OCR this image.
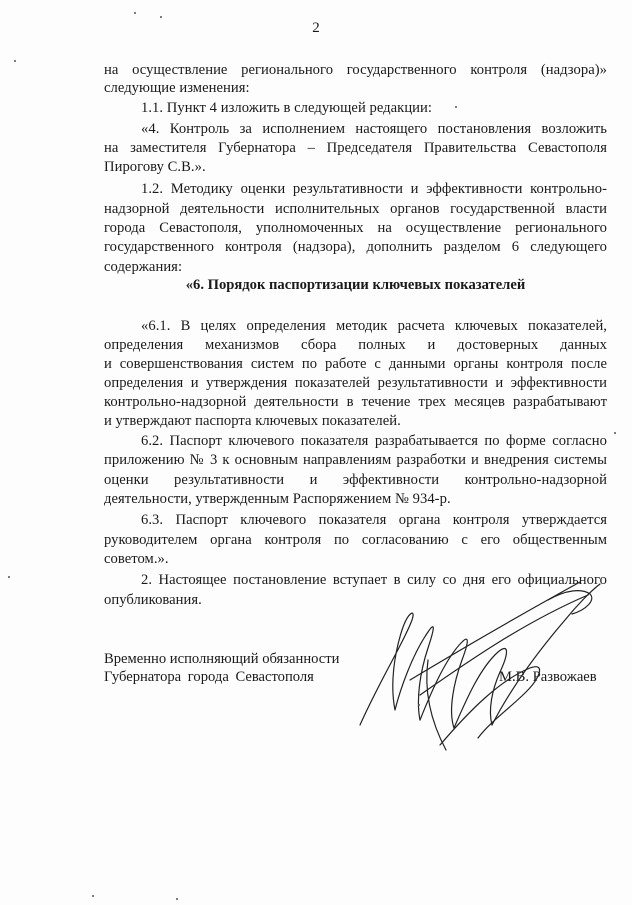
2
на осуществление регионального государственного контроля (надзора)»
следующие изменения:
1.1. Пункт 4 изложить в следующей редакции:
«4. Контроль за исполнением настоящего постановления возложить
на заместителя Губернатора – Председателя Правительства Севастополя
Пирогову С.В.».
1.2. Методику оценки результативности и эффективности контрольно-
надзорной деятельности исполнительных органов государственной власти
города Севастополя, уполномоченных на осуществление регионального
государственного контроля (надзора), дополнить разделом 6 следующего
содержания:
«6. Порядок паспортизации ключевых показателей
«6.1. В целях определения методик расчета ключевых показателей,
определения механизмов сбора полных и достоверных данных
и совершенствования систем по работе с данными органы контроля после
определения и утверждения показателей результативности и эффективности
контрольно-надзорной деятельности в течение трех месяцев разрабатывают
и утверждают паспорта ключевых показателей.
6.2. Паспорт ключевого показателя разрабатывается по форме согласно
приложению № 3 к основным направлениям разработки и внедрения системы
оценки результативности и эффективности контрольно-надзорной
деятельности, утвержденным Распоряжением № 934-р.
6.3. Паспорт ключевого показателя органа контроля утверждается
руководителем органа контроля по согласованию с его общественным
советом.».
2. Настоящее постановление вступает в силу со дня его официального
опубликования.
Временно исполняющий обязанности
Губернатора города Севастополя	М.В. Развожаев
